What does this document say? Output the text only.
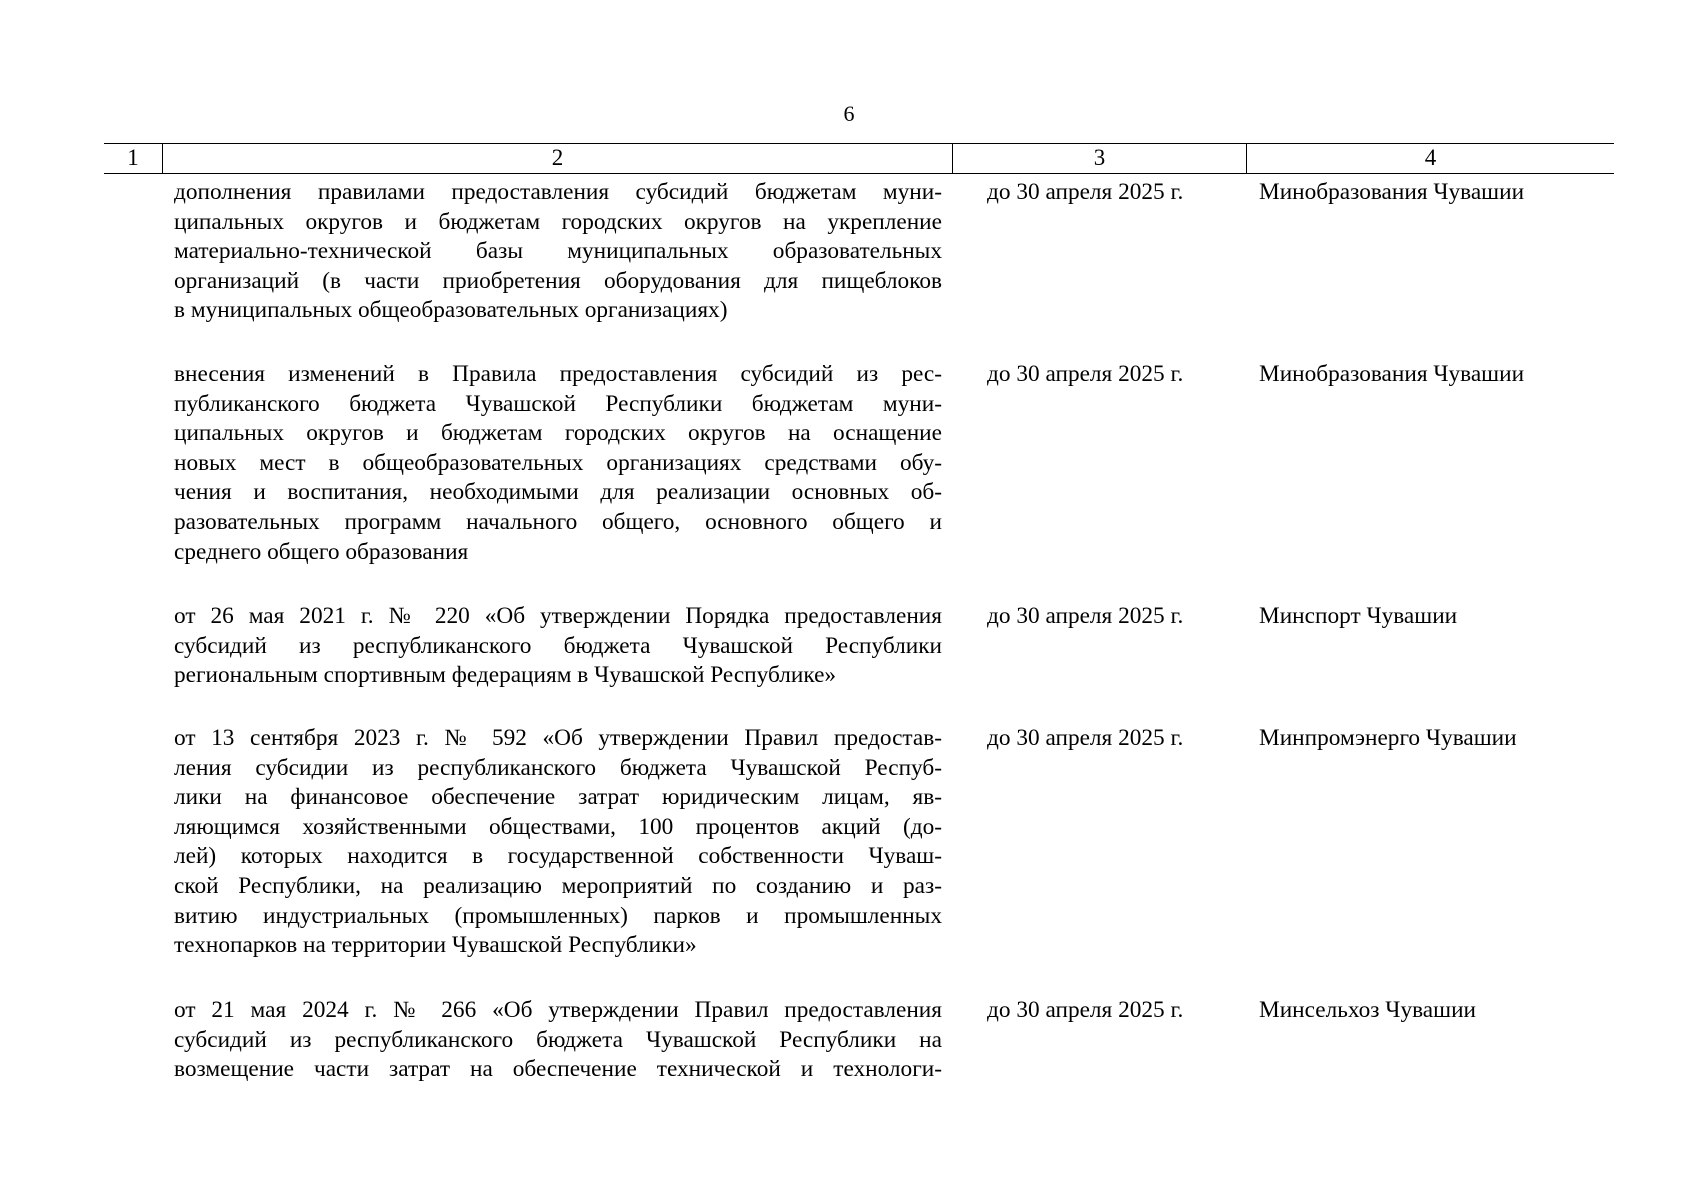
6
1	2	3	4
дополнения правилами предоставления субсидий бюджетам муни-
ципальных округов и бюджетам городских округов на укрепление
материально-технической базы муниципальных образовательных
организаций (в части приобретения оборудования для пищеблоков
в муниципальных общеобразовательных организациях)
до 30 апреля 2025 г.	Минобразования Чувашии
внесения изменений в Правила предоставления субсидий из рес-
публиканского бюджета Чувашской Республики бюджетам муни-
ципальных округов и бюджетам городских округов на оснащение
новых мест в общеобразовательных организациях средствами обу-
чения и воспитания, необходимыми для реализации основных об-
разовательных программ начального общего, основного общего и
среднего общего образования
до 30 апреля 2025 г.	Минобразования Чувашии
от 26 мая 2021 г. № 220 «Об утверждении Порядка предоставления
субсидий из республиканского бюджета Чувашской Республики
региональным спортивным федерациям в Чувашской Республике»
до 30 апреля 2025 г.	Минспорт Чувашии
от 13 сентября 2023 г. № 592 «Об утверждении Правил предостав-
ления субсидии из республиканского бюджета Чувашской Респуб-
лики на финансовое обеспечение затрат юридическим лицам, яв-
ляющимся хозяйственными обществами, 100 процентов акций (до-
лей) которых находится в государственной собственности Чуваш-
ской Республики, на реализацию мероприятий по созданию и раз-
витию индустриальных (промышленных) парков и промышленных
технопарков на территории Чувашской Республики»
до 30 апреля 2025 г.	Минпромэнерго Чувашии
от 21 мая 2024 г. № 266 «Об утверждении Правил предоставления
субсидий из республиканского бюджета Чувашской Республики на
возмещение части затрат на обеспечение технической и технологи-
до 30 апреля 2025 г.	Минсельхоз Чувашии
